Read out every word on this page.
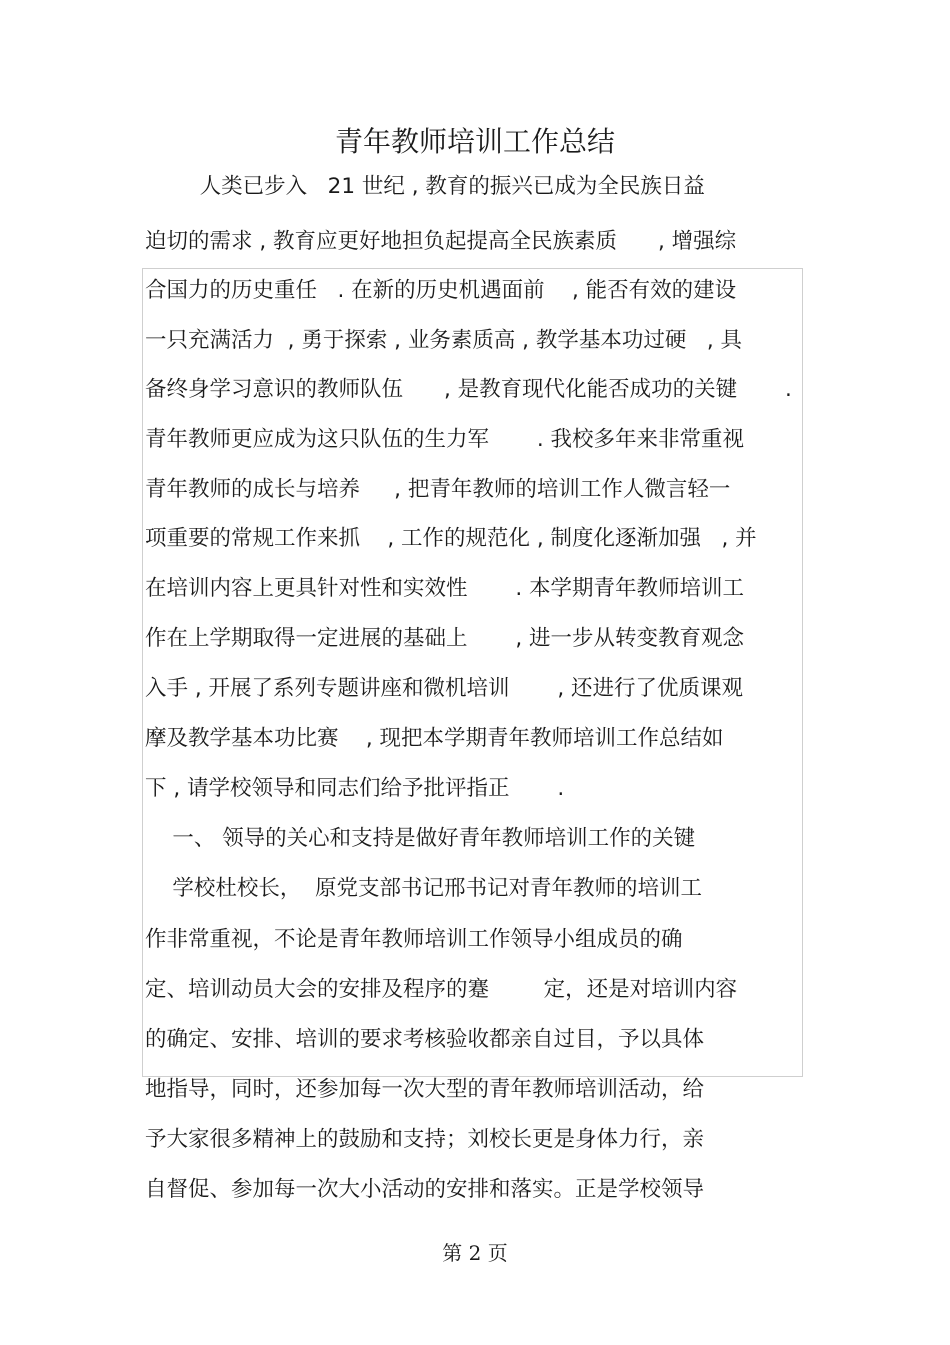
青年教师培训工作总结
人类已步入   21 世纪 , 教育的振兴已成为全民族日益
迫切的需求 , 教育应更好地担负起提高全民族素质      , 增强综
合国力的历史重任   . 在新的历史机遇面前    , 能否有效的建设
一只充满活力  , 勇于探索 , 业务素质高 , 教学基本功过硬   , 具
备终身学习意识的教师队伍      , 是教育现代化能否成功的关键       .
青年教师更应成为这只队伍的生力军       . 我校多年来非常重视
青年教师的成长与培养     , 把青年教师的培训工作人微言轻一
项重要的常规工作来抓    , 工作的规范化 , 制度化逐渐加强   , 并
在培训内容上更具针对性和实效性       . 本学期青年教师培训工
作在上学期取得一定进展的基础上       , 进一步从转变教育观念
入手 , 开展了系列专题讲座和微机培训       , 还进行了优质课观
摩及教学基本功比赛    , 现把本学期青年教师培训工作总结如
下 , 请学校领导和同志们给予批评指正       .
一、 领导的关心和支持是做好青年教师培训工作的关键
学校杜校长，  原党支部书记邢书记对青年教师的培训工
作非常重视，不论是青年教师培训工作领导小组成员的确
定、培训动员大会的安排及程序的蹇        定，还是对培训内容
的确定、安排、培训的要求考核验收都亲自过目，予以具体
地指导，同时，还参加每一次大型的青年教师培训活动，给
予大家很多精神上的鼓励和支持；刘校长更是身体力行，亲
自督促、参加每一次大小活动的安排和落实。正是学校领导
第 2 页
